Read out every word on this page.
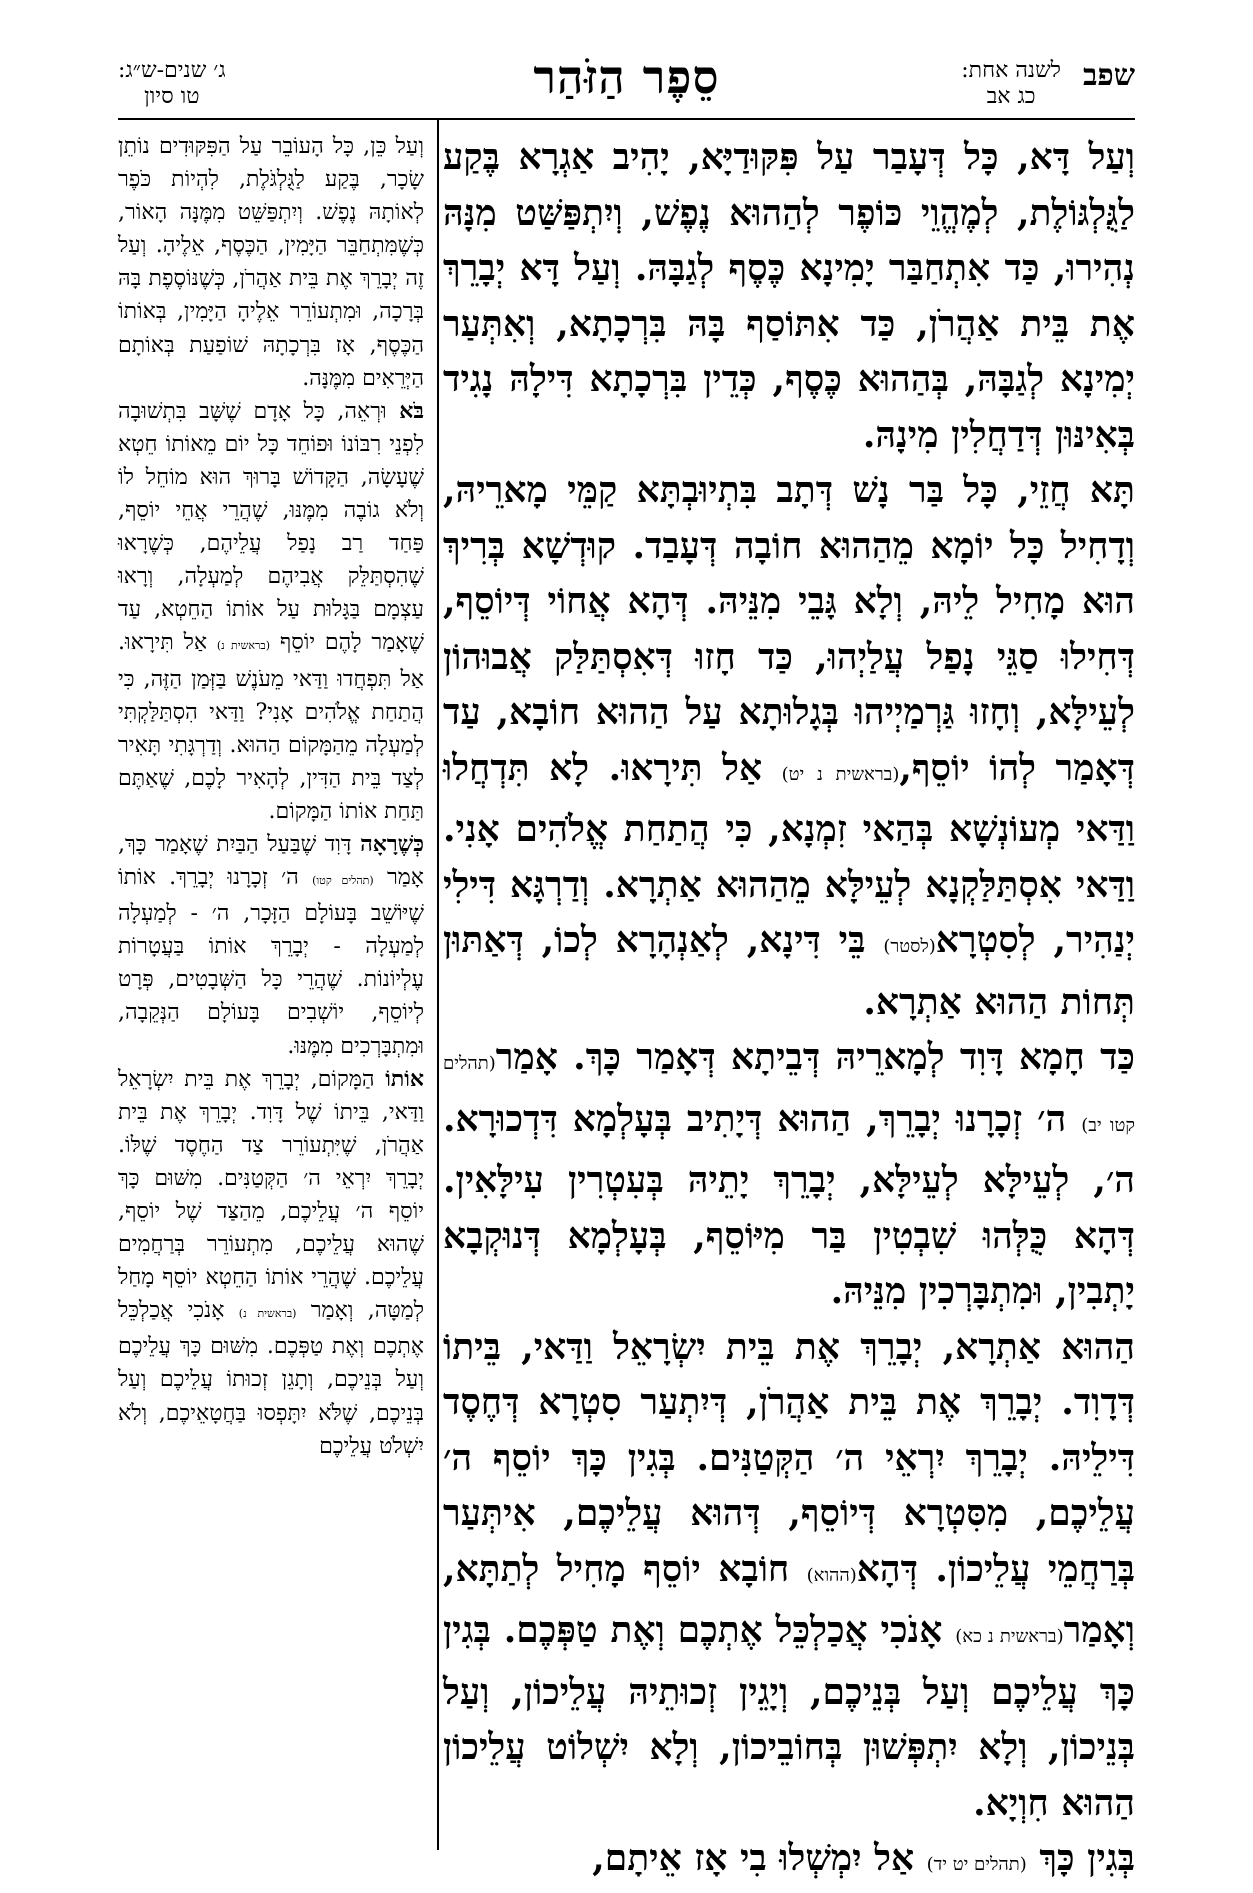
שפב
לשנה אחת:
כג אב
סֵפֶר הַזֹּהַר
ג׳ שנים-ש״ג:
טו סיון

וְעַל דָּא, כָּל דְּעָבַר עַל פִּקּוּדַיָּא, יָהִיב אַגְרָא בֶּקַע לַגֻּלְגּוֹלֶת, לְמֶהֱוֵי כּוֹפֶר לְהַהוּא נֶפֶשׁ, וְיִתְפַּשַּׁט מִנָּהּ נְהִירוּ, כַּד אִתְחַבַּר יָמִינָא כֶּסֶף לְגַבָּהּ. וְעַל דָּא יְבָרֵךְ אֶת בֵּית אַהֲרֹן, כַּד אִתּוֹסַף בָּהּ בִּרְכָתָא, וְאִתְּעַר יְמִינָא לְגַבָּהּ, בְּהַהוּא כֶּסֶף, כְּדֵין בִּרְכָתָא דִּילָהּ נָגִיד בְּאִינּוּן דְּדַחֲלִין מִינָהּ.

תָּא חֲזֵי, כָּל בַּר נָשׁ דְּתָב בִּתְיוּבְתָּא קַמֵּי מָארֵיהּ, וְדָחִיל כָּל יוֹמָא מֵהַהוּא חוֹבָה דְּעָבַד. קוּדְשָׁא בְּרִיךְ הוּא מָחִיל לֵיהּ, וְלָא גָּבֵי מִנֵּיהּ. דְּהָא אֲחוֹי דְּיוֹסֵף, דְּחִילוּ סַגֵּי נָפַל עֲלַיְהוּ, כַּד חָזוּ דְּאִסְתַּלַּק אֲבוּהוֹן לְעֵילָּא, וְחָזוּ גַּרְמַיְיהוּ בְּגָלוּתָא עַל הַהוּא חוֹבָא, עַד דְּאָמַר לְהוֹ יוֹסֵף,(בראשית נ יט) אַל תִּירָאוּ. לָא תִּדְחֲלוּ וַדַּאי מְעוֹנְשָׁא בְּהַאי זִמְנָא, כִּי הֲתַחַת אֱלֹהִים אָנִי. וַדַּאי אִסְתַּלַּקְנָא לְעֵילָּא מֵהַהוּא אַתְרָא. וְדַרְגָּא דִּילִי יְנַהִיר, לְסִטְרָא(לסטר) בֵּי דִּינָא, לְאַנְהָרָא לְכוֹ, דְּאַתּוּן תְּחוֹת הַהוּא אַתְרָא.

כַּד חָמָא דָּוִד לְמָארֵיהּ דְּבֵיתָא דְּאָמַר כָּךְ. אָמַר(תהלים קטו יב) ה׳ זְכָרָנוּ יְבָרֵךְ, הַהוּא דְּיָתִיב בְּעָלְמָא דִּדְכוּרָא. ה׳, לְעֵילָּא לְעֵילָּא, יְבָרֵךְ יָתֵיהּ בְּעִטְרִין עִילָּאִין. דְּהָא כֻּלְּהוּ שִׁבְטִין בַּר מִיּוֹסֵף, בְּעָלְמָא דְּנוּקְבָא יָתְבִין, וּמִתְבָּרְכִין מִנֵּיהּ.

הַהוּא אַתְרָא, יְבָרֵךְ אֶת בֵּית יִשְׂרָאֵל וַדַּאי, בֵּיתוֹ דְּדָוִד. יְבָרֵךְ אֶת בֵּית אַהֲרֹן, דְּיִתְעַר סִטְרָא דְּחֶסֶד דִּילֵיהּ. יְבָרֵךְ יִרְאֵי ה׳ הַקְּטַנִּים. בְּגִין כָּךְ יוֹסֵף ה׳ עֲלֵיכֶם, מִסִּטְרָא דְּיוֹסֵף, דְּהוּא עֲלֵיכֶם, אִיתְּעַר בְּרַחֲמֵי עֲלֵיכוֹן. דְּהָא(ההוא) חוֹבָא יוֹסֵף מָחִיל לְתַתָּא, וְאָמַר(בראשית נ כא) אָנֹכִי אֲכַלְכֵּל אֶתְכֶם וְאֶת טַפְּכֶם. בְּגִין כָּךְ עֲלֵיכֶם וְעַל בְּנֵיכֶם, וְיָגֵין זְכוּתֵיהּ עֲלֵיכוֹן, וְעַל בְּנֵיכוֹן, וְלָא יִתְפְּשׁוּן בְּחוֹבֵיכוֹן, וְלָא יִשְׁלוֹט עֲלֵיכוֹן הַהוּא חִוְיָא.

בְּגִין כָּךְ (תהלים יט יד) אַל יִמְשְׁלוּ בִי אָז אֵיתָם,

וְעַל כֵּן, כָּל הָעוֹבֵר עַל הַפִּקּוּדִים נוֹתֵן שָׂכָר, בֶּקַע לַגֻּלְגֹּלֶת, לִהְיוֹת כֹּפֶר לְאוֹתָהּ נֶפֶשׁ. וְיִתְפַּשֵּׁט מִמֶּנָּה הָאוֹר, כְּשֶׁמִּתְחַבֵּר הַיָּמִין, הַכֶּסֶף, אֵלֶיהָ. וְעַל זֶה יְבָרֵךְ אֶת בֵּית אַהֲרֹן, כְּשֶׁנּוֹסֶפֶת בָּהּ בְּרָכָה, וּמִתְעוֹרֵר אֵלֶיהָ הַיָּמִין, בְּאוֹתוֹ הַכֶּסֶף, אָז בִּרְכָתָהּ שׁוֹפַעַת בְּאוֹתָם הַיְּרֵאִים מִמֶּנָּה.

בֹּא וּרְאֵה, כָּל אָדָם שֶׁשָּׁב בִּתְשׁוּבָה לִפְנֵי רִבּוֹנוֹ וּפוֹחֵד כָּל יוֹם מֵאוֹתוֹ חֵטְא שֶׁעָשָׂה, הַקָּדוֹשׁ בָּרוּךְ הוּא מוֹחֵל לוֹ וְלֹא גוֹבֶה מִמֶּנּוּ, שֶׁהֲרֵי אֲחֵי יוֹסֵף, פַּחַד רַב נָפַל עֲלֵיהֶם, כְּשֶׁרָאוּ שֶׁהִסְתַּלֵּק אֲבִיהֶם לְמַעְלָה, וְרָאוּ עַצְמָם בַּגָּלוּת עַל אוֹתוֹ הַחֵטְא, עַד שֶׁאָמַר לָהֶם יוֹסֵף (בראשית נ) אַל תִּירָאוּ. אַל תִּפְחֲדוּ וַדַּאי מֵעֹנֶשׁ בַּזְּמַן הַזֶּה, כִּי הֲתַחַת אֱלֹהִים אָנִי? וַדַּאי הִסְתַּלַּקְתִּי לְמַעְלָה מֵהַמָּקוֹם הַהוּא. וְדַרְגָּתִי תָּאִיר לְצַד בֵּית הַדִּין, לְהָאִיר לָכֶם, שֶׁאַתֶּם תַּחַת אוֹתוֹ הַמָּקוֹם.

כְּשֶׁרָאָה דָּוִד שֶׁבַּעַל הַבַּיִת שֶׁאָמַר כָּךְ, אָמַר (תהלים קטו) ה׳ זְכָרָנוּ יְבָרֵךְ. אוֹתוֹ שֶׁיּוֹשֵׁב בָּעוֹלָם הַזָּכָר, ה׳ - לְמַעְלָה לְמַעְלָה - יְבָרֵךְ אוֹתוֹ בַּעֲטָרוֹת עֶלְיוֹנוֹת. שֶׁהֲרֵי כָּל הַשְּׁבָטִים, פְּרָט לְיוֹסֵף, יוֹשְׁבִים בָּעוֹלָם הַנְּקֵבָה, וּמִתְבָּרְכִים מִמֶּנּוּ.

אוֹתוֹ הַמָּקוֹם, יְבָרֵךְ אֶת בֵּית יִשְׂרָאֵל וַדַּאי, בֵּיתוֹ שֶׁל דָּוִד. יְבָרֵךְ אֶת בֵּית אַהֲרֹן, שֶׁיִּתְעוֹרֵר צַד הַחֶסֶד שֶׁלּוֹ. יְבָרֵךְ יִרְאֵי ה׳ הַקְּטַנִּים. מִשּׁוּם כָּךְ יוֹסֵף ה׳ עֲלֵיכֶם, מֵהַצַּד שֶׁל יוֹסֵף, שֶׁהוּא עֲלֵיכֶם, מִתְעוֹרֵר בְּרַחֲמִים עֲלֵיכֶם. שֶׁהֲרֵי אוֹתוֹ הַחֵטְא יוֹסֵף מָחַל לְמַטָּה, וְאָמַר (בראשית נ) אָנֹכִי אֲכַלְכֵּל אֶתְכֶם וְאֶת טַפְּכֶם. מִשּׁוּם כָּךְ עֲלֵיכֶם וְעַל בְּנֵיכֶם, וְתָגֵן זְכוּתוֹ עֲלֵיכֶם וְעַל בְּנֵיכֶם, שֶׁלֹּא יִתָּפְסוּ בַּחֲטָאֵיכֶם, וְלֹא יִשְׁלֹט עֲלֵיכֶם
